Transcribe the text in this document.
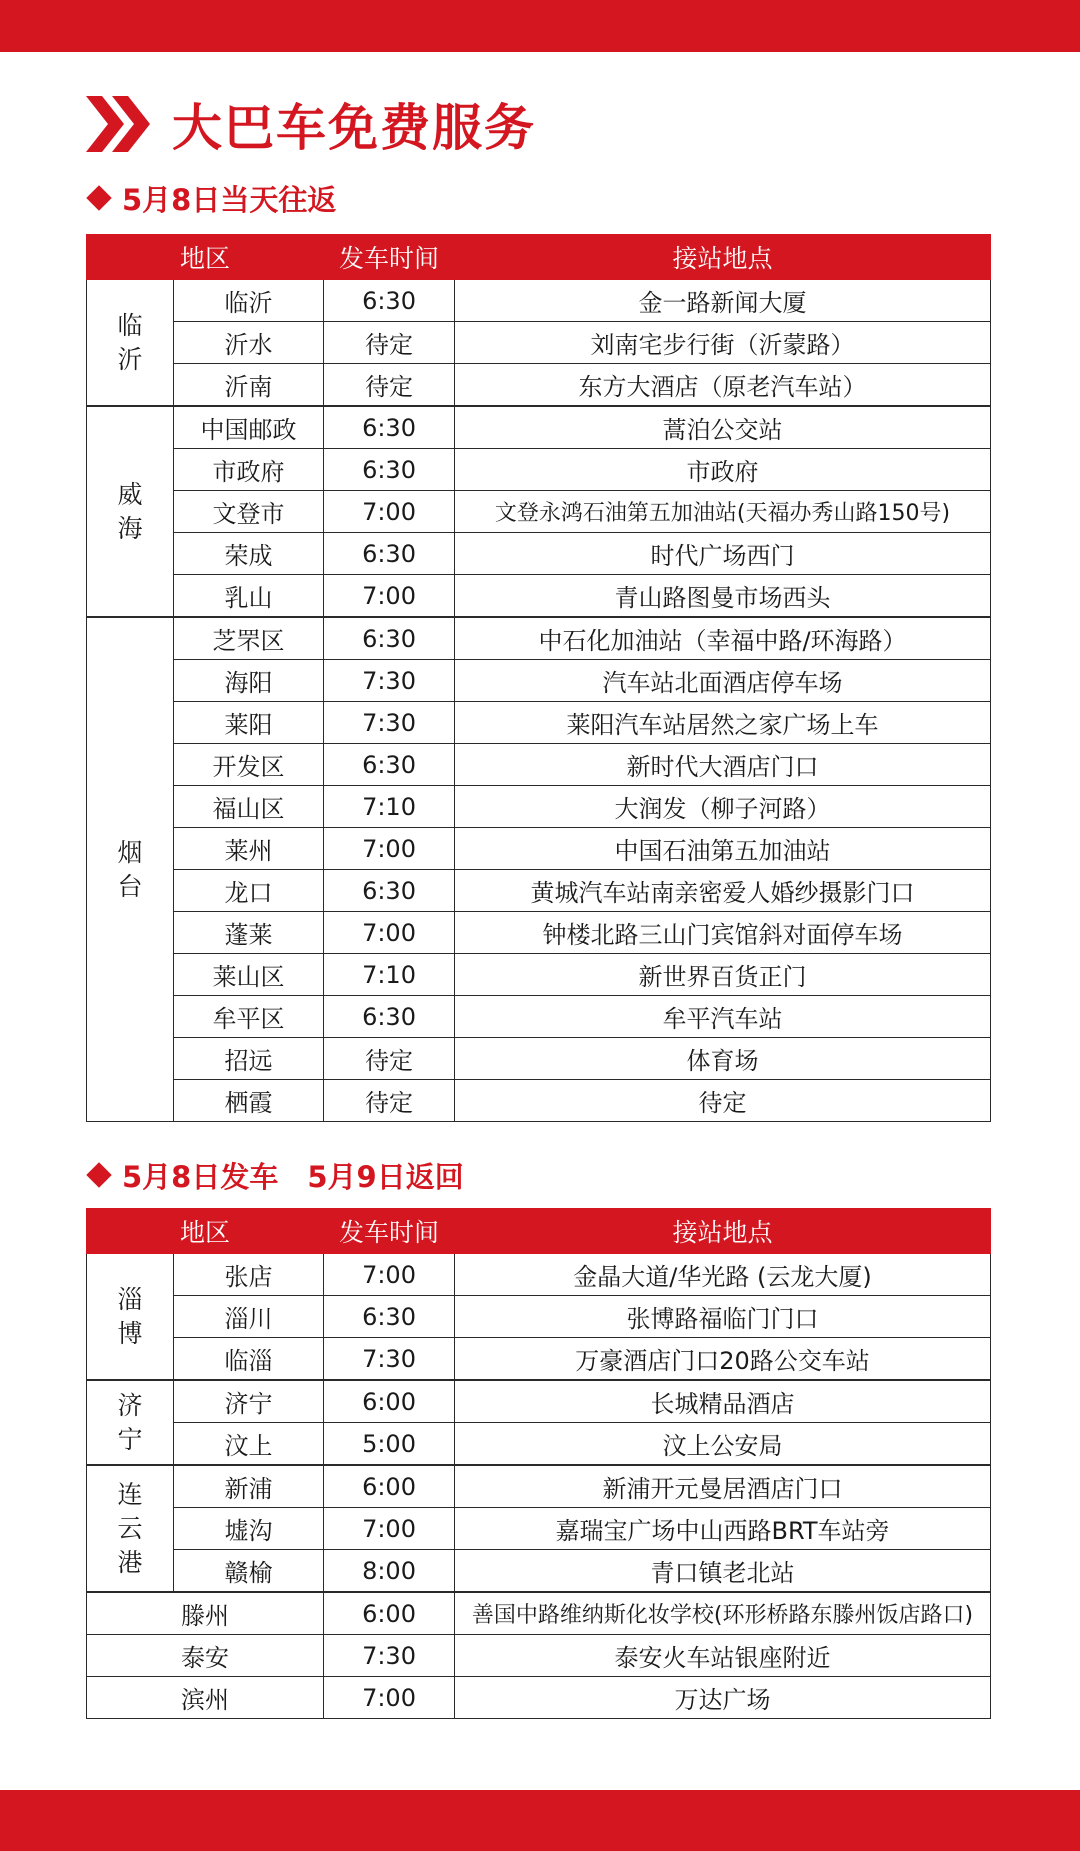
大巴车免费服务
5月8日当天往返
地区		发车时间	接站地点
临
沂	临沂	6:30	金一路新闻大厦
	沂水	待定	刘南宅步行街（沂蒙路）
	沂南	待定	东方大酒店（原老汽车站）
威
海	中国邮政	6:30	蒿泊公交站
	市政府	6:30	市政府
	文登市	7:00	文登永鸿石油第五加油站(天福办秀山路150号)
	荣成	6:30	时代广场西门
	乳山	7:00	青山路图曼市场西头
烟
台	芝罘区	6:30	中石化加油站（幸福中路/环海路）
	海阳	7:30	汽车站北面酒店停车场
	莱阳	7:30	莱阳汽车站居然之家广场上车
	开发区	6:30	新时代大酒店门口
	福山区	7:10	大润发（柳子河路）
	莱州	7:00	中国石油第五加油站
	龙口	6:30	黄城汽车站南亲密爱人婚纱摄影门口
	蓬莱	7:00	钟楼北路三山门宾馆斜对面停车场
	莱山区	7:10	新世界百货正门
	牟平区	6:30	牟平汽车站
	招远	待定	体育场
	栖霞	待定	待定
5月8日发车　5月9日返回
地区		发车时间	接站地点
淄
博	张店	7:00	金晶大道/华光路 (云龙大厦)
	淄川	6:30	张博路福临门门口
	临淄	7:30	万豪酒店门口20路公交车站
济
宁	济宁	6:00	长城精品酒店
	汶上	5:00	汶上公安局
连
云
港	新浦	6:00	新浦开元曼居酒店门口
	墟沟	7:00	嘉瑞宝广场中山西路BRT车站旁
	赣榆	8:00	青口镇老北站
滕州		6:00	善国中路维纳斯化妆学校(环形桥路东滕州饭店路口)
泰安		7:30	泰安火车站银座附近
滨州		7:00	万达广场
